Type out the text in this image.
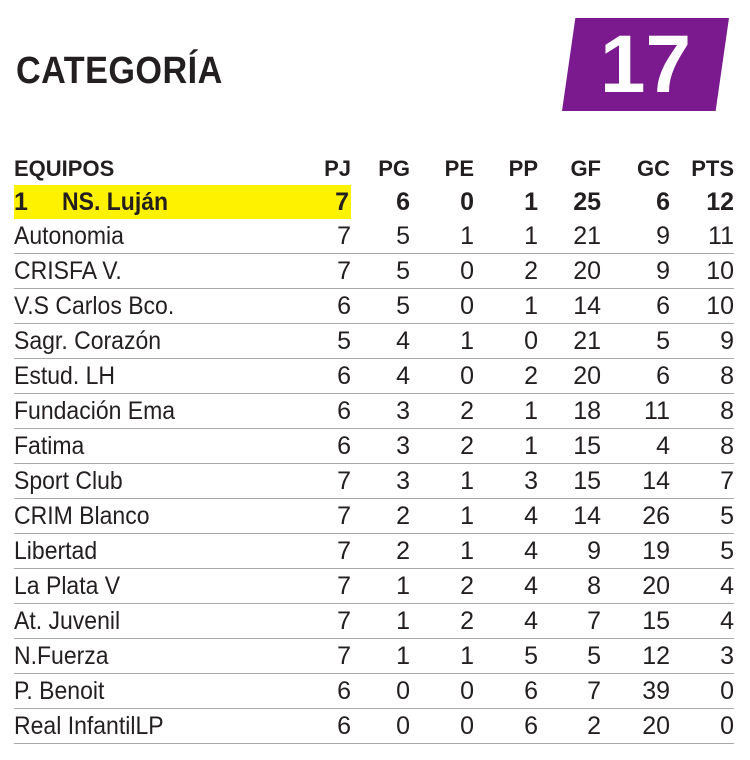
CATEGORÍA	17
EQUIPOS	PJ	PG	PE	PP	GF	GC	PTS
1 NS. Luján	7	6	0	1	25	6	12
Autonomia	7	5	1	1	21	9	11
CRISFA V.	7	5	0	2	20	9	10
V.S Carlos Bco.	6	5	0	1	14	6	10
Sagr. Corazón	5	4	1	0	21	5	9
Estud. LH	6	4	0	2	20	6	8
Fundación Ema	6	3	2	1	18	11	8
Fatima	6	3	2	1	15	4	8
Sport Club	7	3	1	3	15	14	7
CRIM Blanco	7	2	1	4	14	26	5
Libertad	7	2	1	4	9	19	5
La Plata V	7	1	2	4	8	20	4
At. Juvenil	7	1	2	4	7	15	4
N.Fuerza	7	1	1	5	5	12	3
P. Benoit	6	0	0	6	7	39	0
Real InfantilLP	6	0	0	6	2	20	0
